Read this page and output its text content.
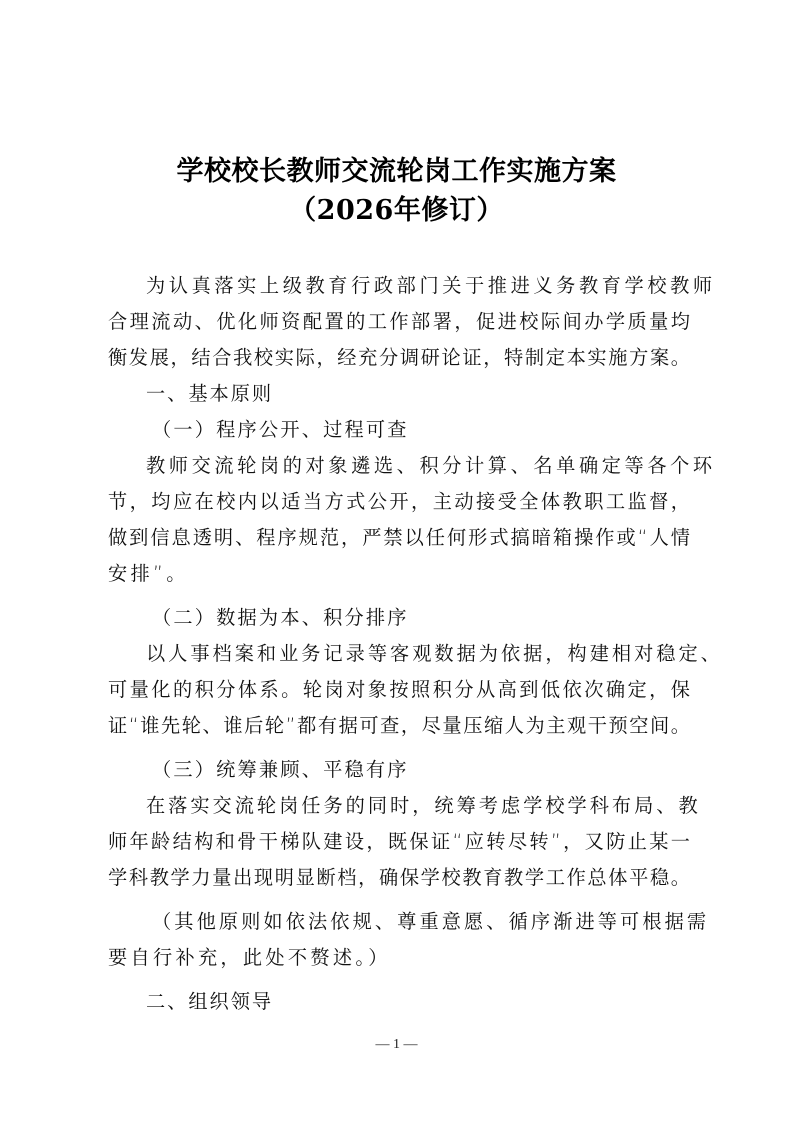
学校校长教师交流轮岗工作实施方案
（2026年修订）
为认真落实上级教育行政部门关于推进义务教育学校教师
合理流动、优化师资配置的工作部署，促进校际间办学质量均
衡发展，结合我校实际，经充分调研论证，特制定本实施方案。
一、基本原则
（一）程序公开、过程可查
教师交流轮岗的对象遴选、积分计算、名单确定等各个环
节，均应在校内以适当方式公开，主动接受全体教职工监督，
做到信息透明、程序规范，严禁以任何形式搞暗箱操作或“人情
安排”。
（二）数据为本、积分排序
以人事档案和业务记录等客观数据为依据，构建相对稳定、
可量化的积分体系。轮岗对象按照积分从高到低依次确定，保
证“谁先轮、谁后轮”都有据可查，尽量压缩人为主观干预空间。
（三）统筹兼顾、平稳有序
在落实交流轮岗任务的同时，统筹考虑学校学科布局、教
师年龄结构和骨干梯队建设，既保证“应转尽转”，又防止某一
学科教学力量出现明显断档，确保学校教育教学工作总体平稳。
（其他原则如依法依规、尊重意愿、循序渐进等可根据需
要自行补充，此处不赘述。）
二、组织领导
— 1 —
